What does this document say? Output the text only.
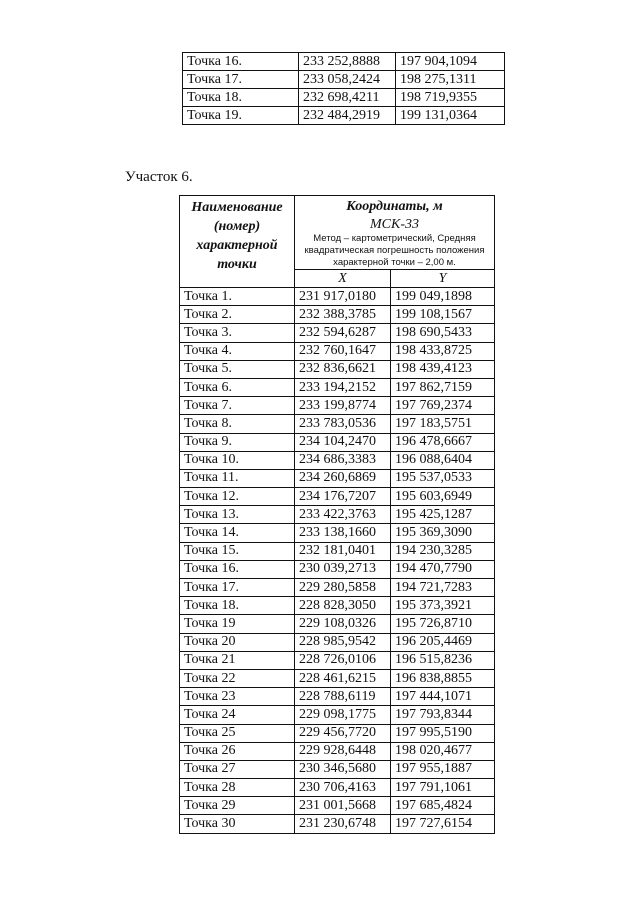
Точка 16.	233 252,8888	197 904,1094
Точка 17.	233 058,2424	198 275,1311
Точка 18.	232 698,4211	198 719,9355
Точка 19.	232 484,2919	199 131,0364
Участок 6.
Наименование (номер) характерной точки	Координаты, м
МСК-33
Метод – картометрический, Средняя квадратическая погрешность положения характерной точки – 2,00 м.	

	X	Y
Точка 1.	231 917,0180	199 049,1898
Точка 2.	232 388,3785	199 108,1567
Точка 3.	232 594,6287	198 690,5433
Точка 4.	232 760,1647	198 433,8725
Точка 5.	232 836,6621	198 439,4123
Точка 6.	233 194,2152	197 862,7159
Точка 7.	233 199,8774	197 769,2374
Точка 8.	233 783,0536	197 183,5751
Точка 9.	234 104,2470	196 478,6667
Точка 10.	234 686,3383	196 088,6404
Точка 11.	234 260,6869	195 537,0533
Точка 12.	234 176,7207	195 603,6949
Точка 13.	233 422,3763	195 425,1287
Точка 14.	233 138,1660	195 369,3090
Точка 15.	232 181,0401	194 230,3285
Точка 16.	230 039,2713	194 470,7790
Точка 17.	229 280,5858	194 721,7283
Точка 18.	228 828,3050	195 373,3921
Точка 19	229 108,0326	195 726,8710
Точка 20	228 985,9542	196 205,4469
Точка 21	228 726,0106	196 515,8236
Точка 22	228 461,6215	196 838,8855
Точка 23	228 788,6119	197 444,1071
Точка 24	229 098,1775	197 793,8344
Точка 25	229 456,7720	197 995,5190
Точка 26	229 928,6448	198 020,4677
Точка 27	230 346,5680	197 955,1887
Точка 28	230 706,4163	197 791,1061
Точка 29	231 001,5668	197 685,4824
Точка 30	231 230,6748	197 727,6154
